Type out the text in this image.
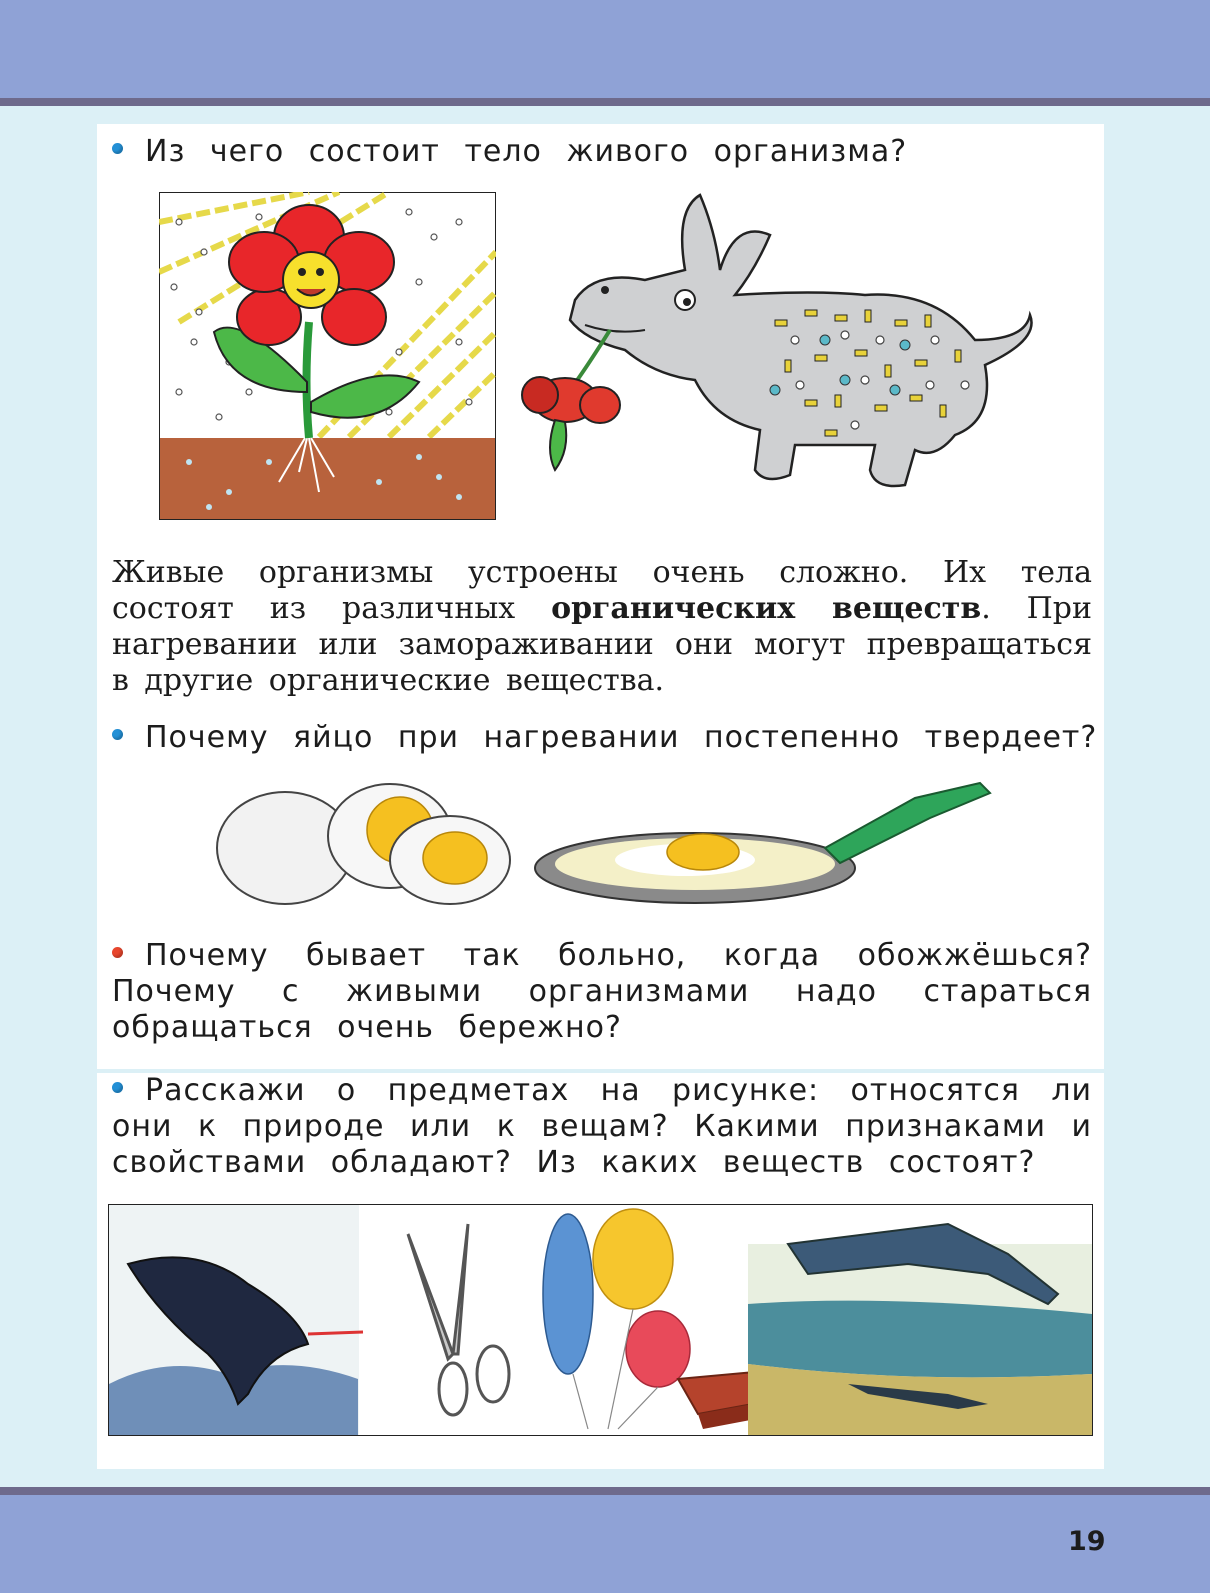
Из чего состоит тело живого организма?
Живые организмы устроены очень сложно. Их тела состоят из различных органических веществ. При нагревании или замораживании они могут превращаться в другие органические вещества.
Почему яйцо при нагревании постепенно твердеет?
Почему бывает так больно, когда обожжёшься? Почему с живыми организмами надо стараться обращаться очень бережно?
Расскажи о предметах на рисунке: относятся ли они к природе или к вещам? Какими признаками и свойствами обладают? Из каких веществ состоят?
19
